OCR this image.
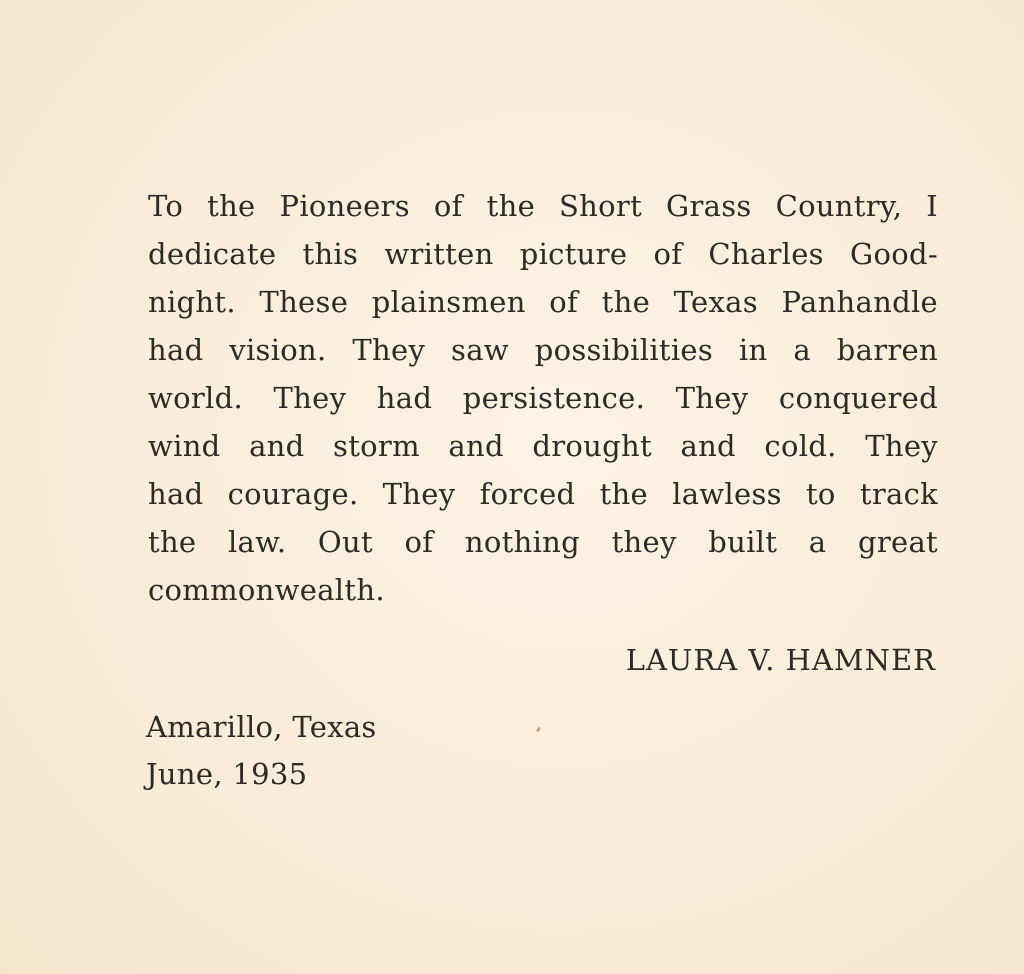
To the Pioneers of the Short Grass Country, I
dedicate this written picture of Charles Good-
night. These plainsmen of the Texas Panhandle
had vision. They saw possibilities in a barren
world. They had persistence. They conquered
wind and storm and drought and cold. They
had courage. They forced the lawless to track
the law. Out of nothing they built a great
commonwealth.
LAURA V. HAMNER
Amarillo, Texas
June, 1935
